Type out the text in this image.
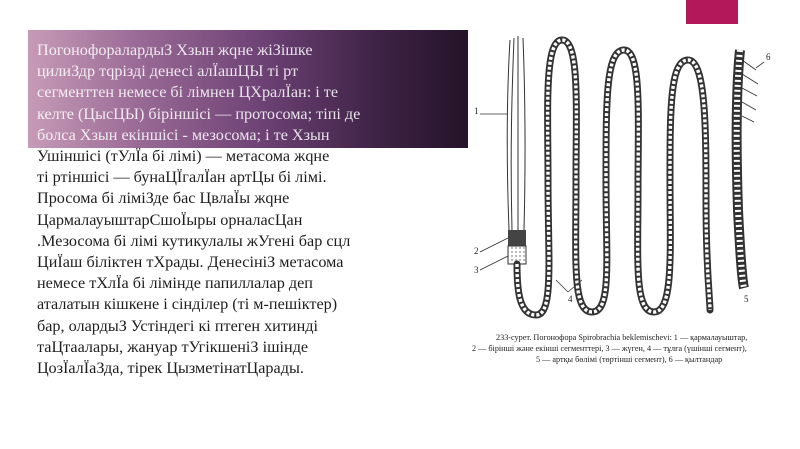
ПогонофоралардыЗ Хзын жqне жiЗiшке
цилиЗдр тqрiздi денесi алЇашЦЫ тi рт
сегменттен немесе бi лiмнен ЦХралЇан: i те
келте (ЦысЦЫ) бiрiншiсi — протосома; тiпi де
болса Хзын екiншiсi - мезосома; i те Хзын
Ушiншiсi (тУлЇа бi лiмi) — метасома жqне
тi ртiншiсi — бунаЦЇгалЇан артЦы бi лiмi.
Просома бi лiмiЗде бас ЦвлаЇы жqне
ЦармалауыштарСшоЇыры орналасЦан
.Мезосома бi лiмi кутикулалы жУгенi бар сцл
ЦиЇаш бiлiктен тХрады. ДенесiнiЗ метасома
немесе тХлЇа бi лiмiнде папиллалар деп
аталатын кiшкене i сiндiлер (тi м-пешiктер)
бар, олардыЗ Устiндегi кi птеген хитиндi
таЦтаалары, жануар тУгiкшенiЗ iшiнде
ЦозЇалЇаЗда, тiрек ЦызметiнатЦарады.

1
2
3
4	5
6

233-сурет. Погонофора Spirobrachia beklemischevi: 1 — қармалауыштар,
2 — бірінші және екінші сегменттері, 3 — жүген, 4 — тұлға (үшінші сегмент),
5 — артқы бөлімі (төртінші сегмент), 6 — қылтандар
